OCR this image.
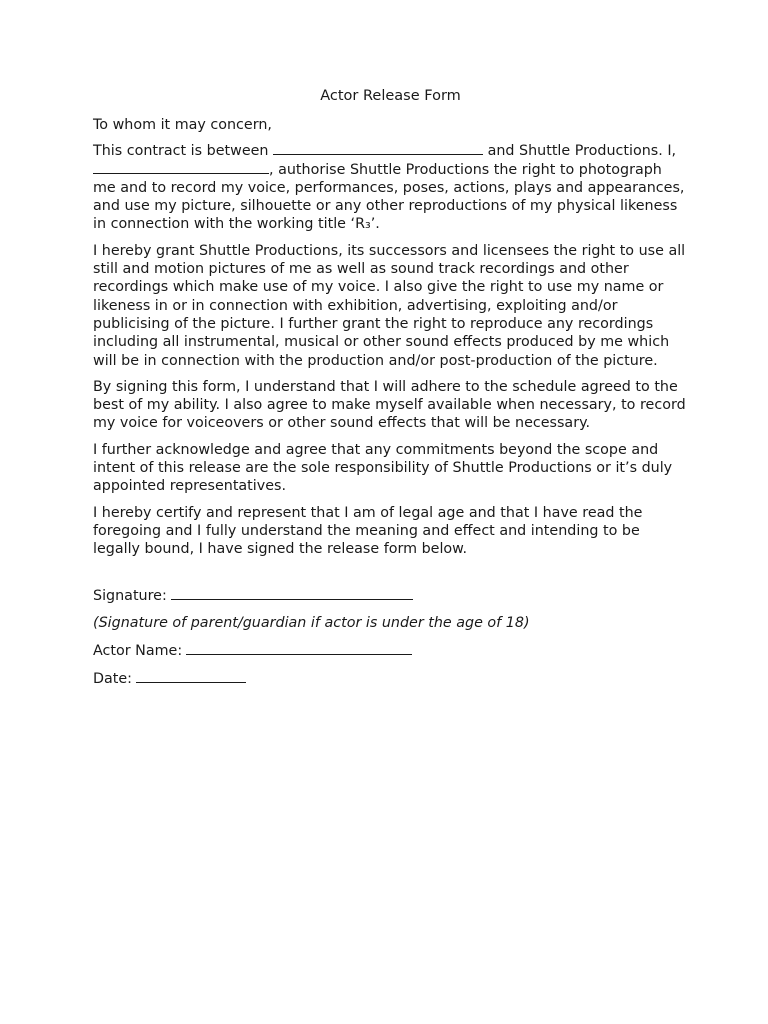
Actor Release Form

To whom it may concern,

This contract is between	and Shuttle Productions. I, , authorise Shuttle Productions the right to photograph me and to record my voice, performances, poses, actions, plays and appearances, and use my picture, silhouette or any other reproductions of my physical likeness in connection with the working title ‘R₃’.

I hereby grant Shuttle Productions, its successors and licensees the right to use all still and motion pictures of me as well as sound track recordings and other recordings which make use of my voice. I also give the right to use my name or likeness in or in connection with exhibition, advertising, exploiting and/or publicising of the picture. I further grant the right to reproduce any recordings including all instrumental, musical or other sound effects produced by me which will be in connection with the production and/or post-production of the picture.

By signing this form, I understand that I will adhere to the schedule agreed to the best of my ability. I also agree to make myself available when necessary, to record my voice for voiceovers or other sound effects that will be necessary.

I further acknowledge and agree that any commitments beyond the scope and intent of this release are the sole responsibility of Shuttle Productions or it’s duly appointed representatives.

I hereby certify and represent that I am of legal age and that I have read the foregoing and I fully understand the meaning and effect and intending to be legally bound, I have signed the release form below.

Signature:
(Signature of parent/guardian if actor is under the age of 18)
Actor Name:
Date:
